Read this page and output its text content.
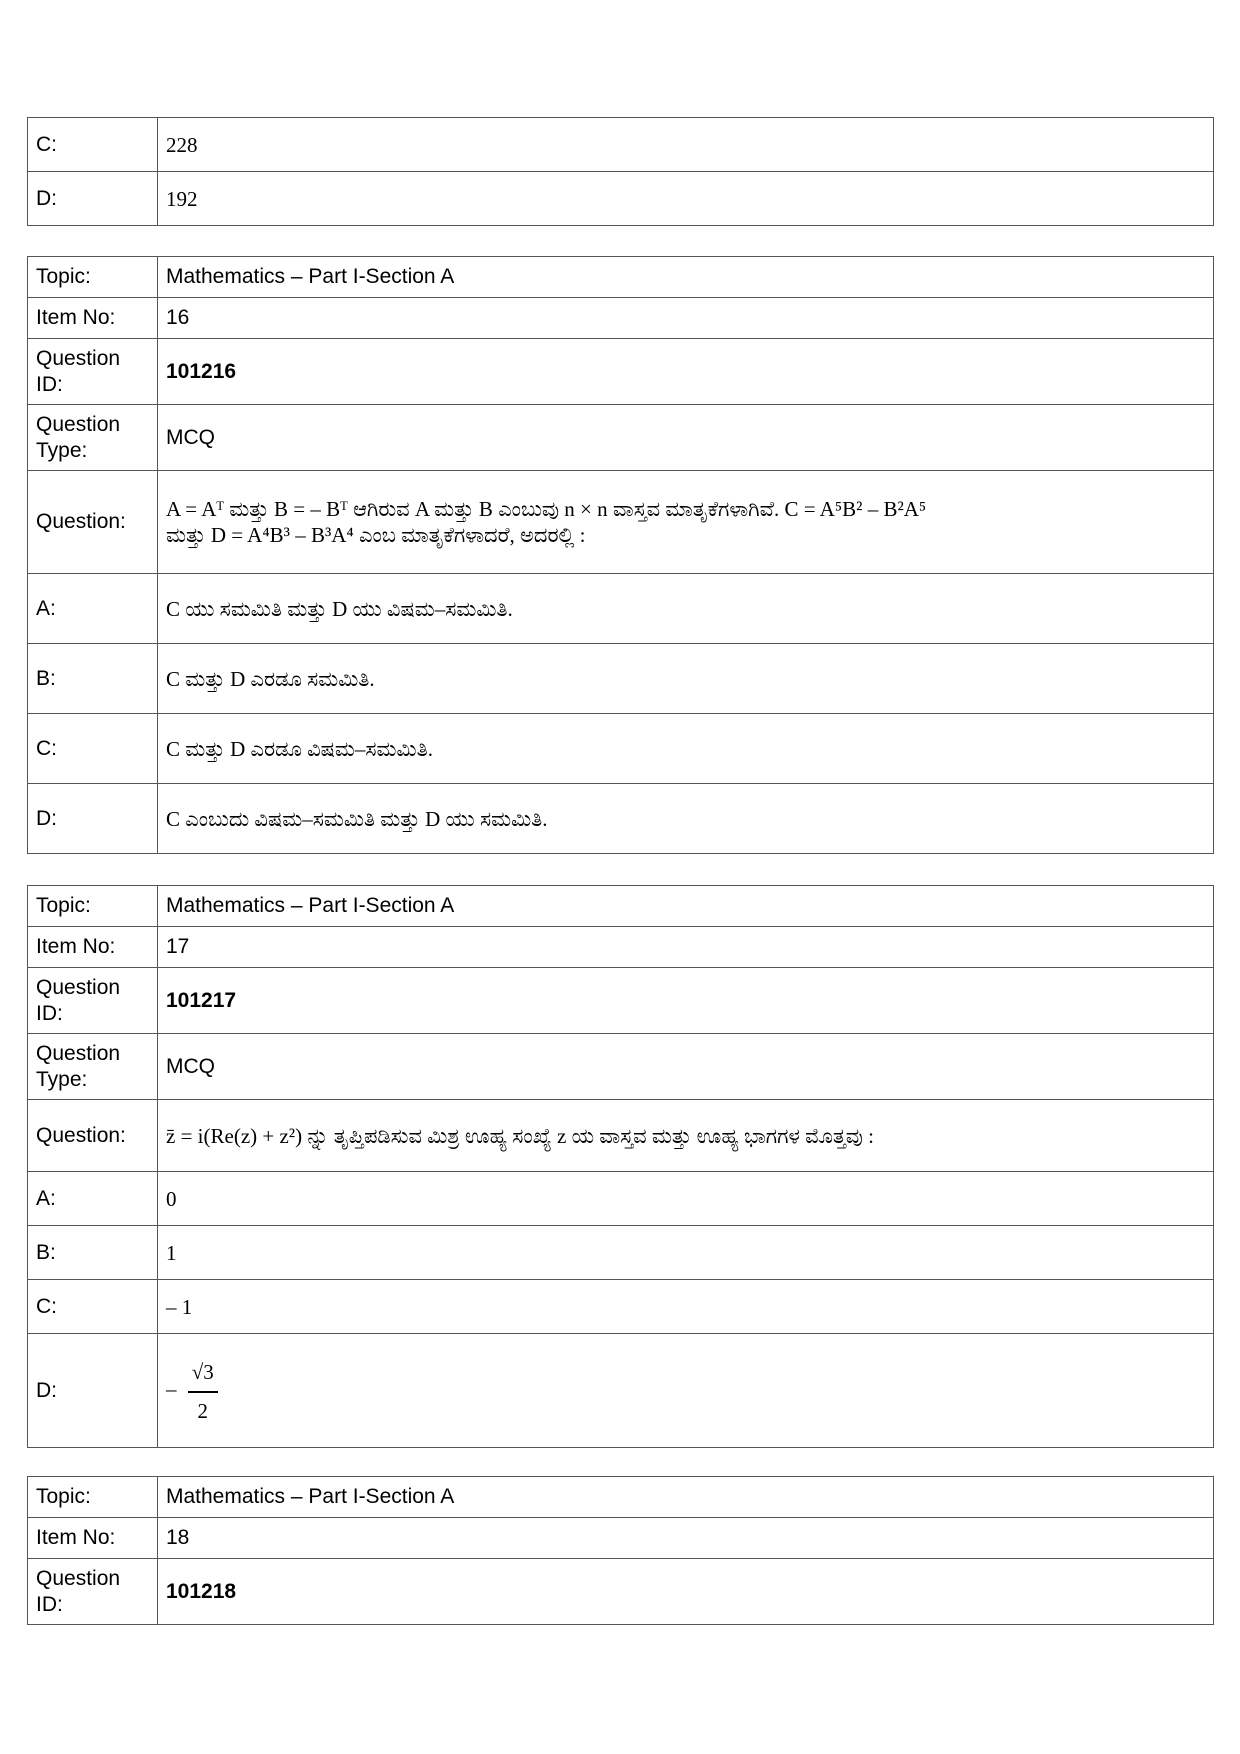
C:	228
D:	192
Topic:	Mathematics – Part I-Section A
Item No:	16
Question ID:	101216
Question Type:	MCQ
Question:	A = Aᵀ ಮತ್ತು B = – Bᵀ ಆಗಿರುವ A ಮತ್ತು B ಎಂಬುವು n × n ವಾಸ್ತವ ಮಾತೃಕೆಗಳಾಗಿವೆ. C = A⁵B² – B²A⁵
ಮತ್ತು D = A⁴B³ – B³A⁴ ಎಂಬ ಮಾತೃಕೆಗಳಾದರೆ, ಅದರಲ್ಲಿ :

A:	C ಯು ಸಮಮಿತಿ ಮತ್ತು D ಯು ವಿಷಮ–ಸಮಮಿತಿ.
B:	C ಮತ್ತು D ಎರಡೂ ಸಮಮಿತಿ.
C:	C ಮತ್ತು D ಎರಡೂ ವಿಷಮ–ಸಮಮಿತಿ.
D:	C ಎಂಬುದು ವಿಷಮ–ಸಮಮಿತಿ ಮತ್ತು D ಯು ಸಮಮಿತಿ.
Topic:	Mathematics – Part I-Section A
Item No:	17
Question ID:	101217
Question Type:	MCQ
Question:	z̄ = i(Re(z) + z²) ನ್ನು ತೃಪ್ತಿಪಡಿಸುವ ಮಿಶ್ರ ಊಹ್ಯ ಸಂಖ್ಯೆ z ಯ ವಾಸ್ತವ ಮತ್ತು ಊಹ್ಯ ಭಾಗಗಳ ಮೊತ್ತವು :
A:	0
B:	1
C:	– 1
D:	– $\frac{√3}{2}$
Topic:	Mathematics – Part I-Section A
Item No:	18
Question ID:	101218
